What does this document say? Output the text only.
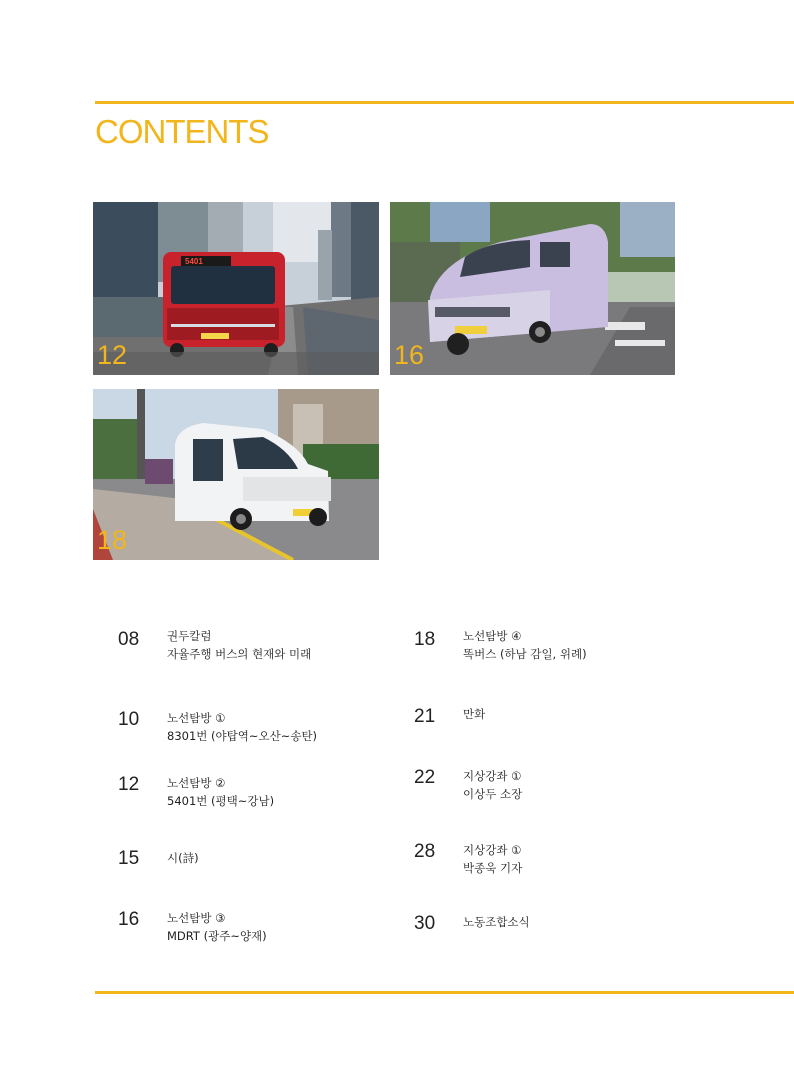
CONTENTS
5401
12	16
18
08 권두칼럼
자율주행 버스의 현재와 미래
10 노선탐방 ①
8301번 (야탑역~오산~송탄)
12 노선탐방 ②
5401번 (평택~강남)
15 시(詩)
16 노선탐방 ③
MDRT (광주~양재)
18 노선탐방 ④
똑버스 (하남 감일, 위례)
21 만화
22 지상강좌 ①
이상두 소장
28 지상강좌 ①
박종욱 기자
30 노동조합소식
